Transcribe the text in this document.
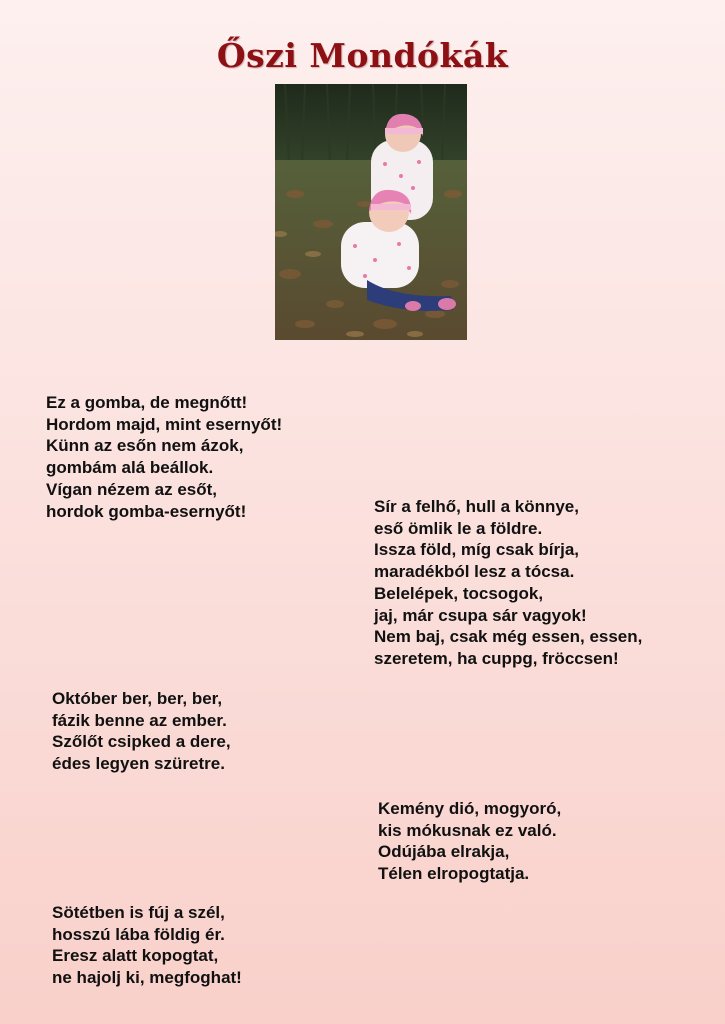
Őszi Mondókák
Ez a gomba, de megnőtt!
Hordom majd, mint esernyőt!
Künn az esőn nem ázok,
gombám alá beállok.
Vígan nézem az esőt,
hordok gomba-esernyőt!	Sír a felhő, hull a könnye,
eső ömlik le a földre.
Issza föld, míg csak bírja,
maradékból lesz a tócsa.
Belelépek, tocsogok,
jaj, már csupa sár vagyok!
Nem baj, csak még essen, essen,
szeretem, ha cuppg, fröccsen!
Október ber, ber, ber,
fázik benne az ember.
Szőlőt csipked a dere,
édes legyen szüretre.
Kemény dió, mogyoró,
kis mókusnak ez való.
Odújába elrakja,
Télen elropogtatja.
Sötétben is fúj a szél,
hosszú lába földig ér.
Eresz alatt kopogtat,
ne hajolj ki, megfoghat!
